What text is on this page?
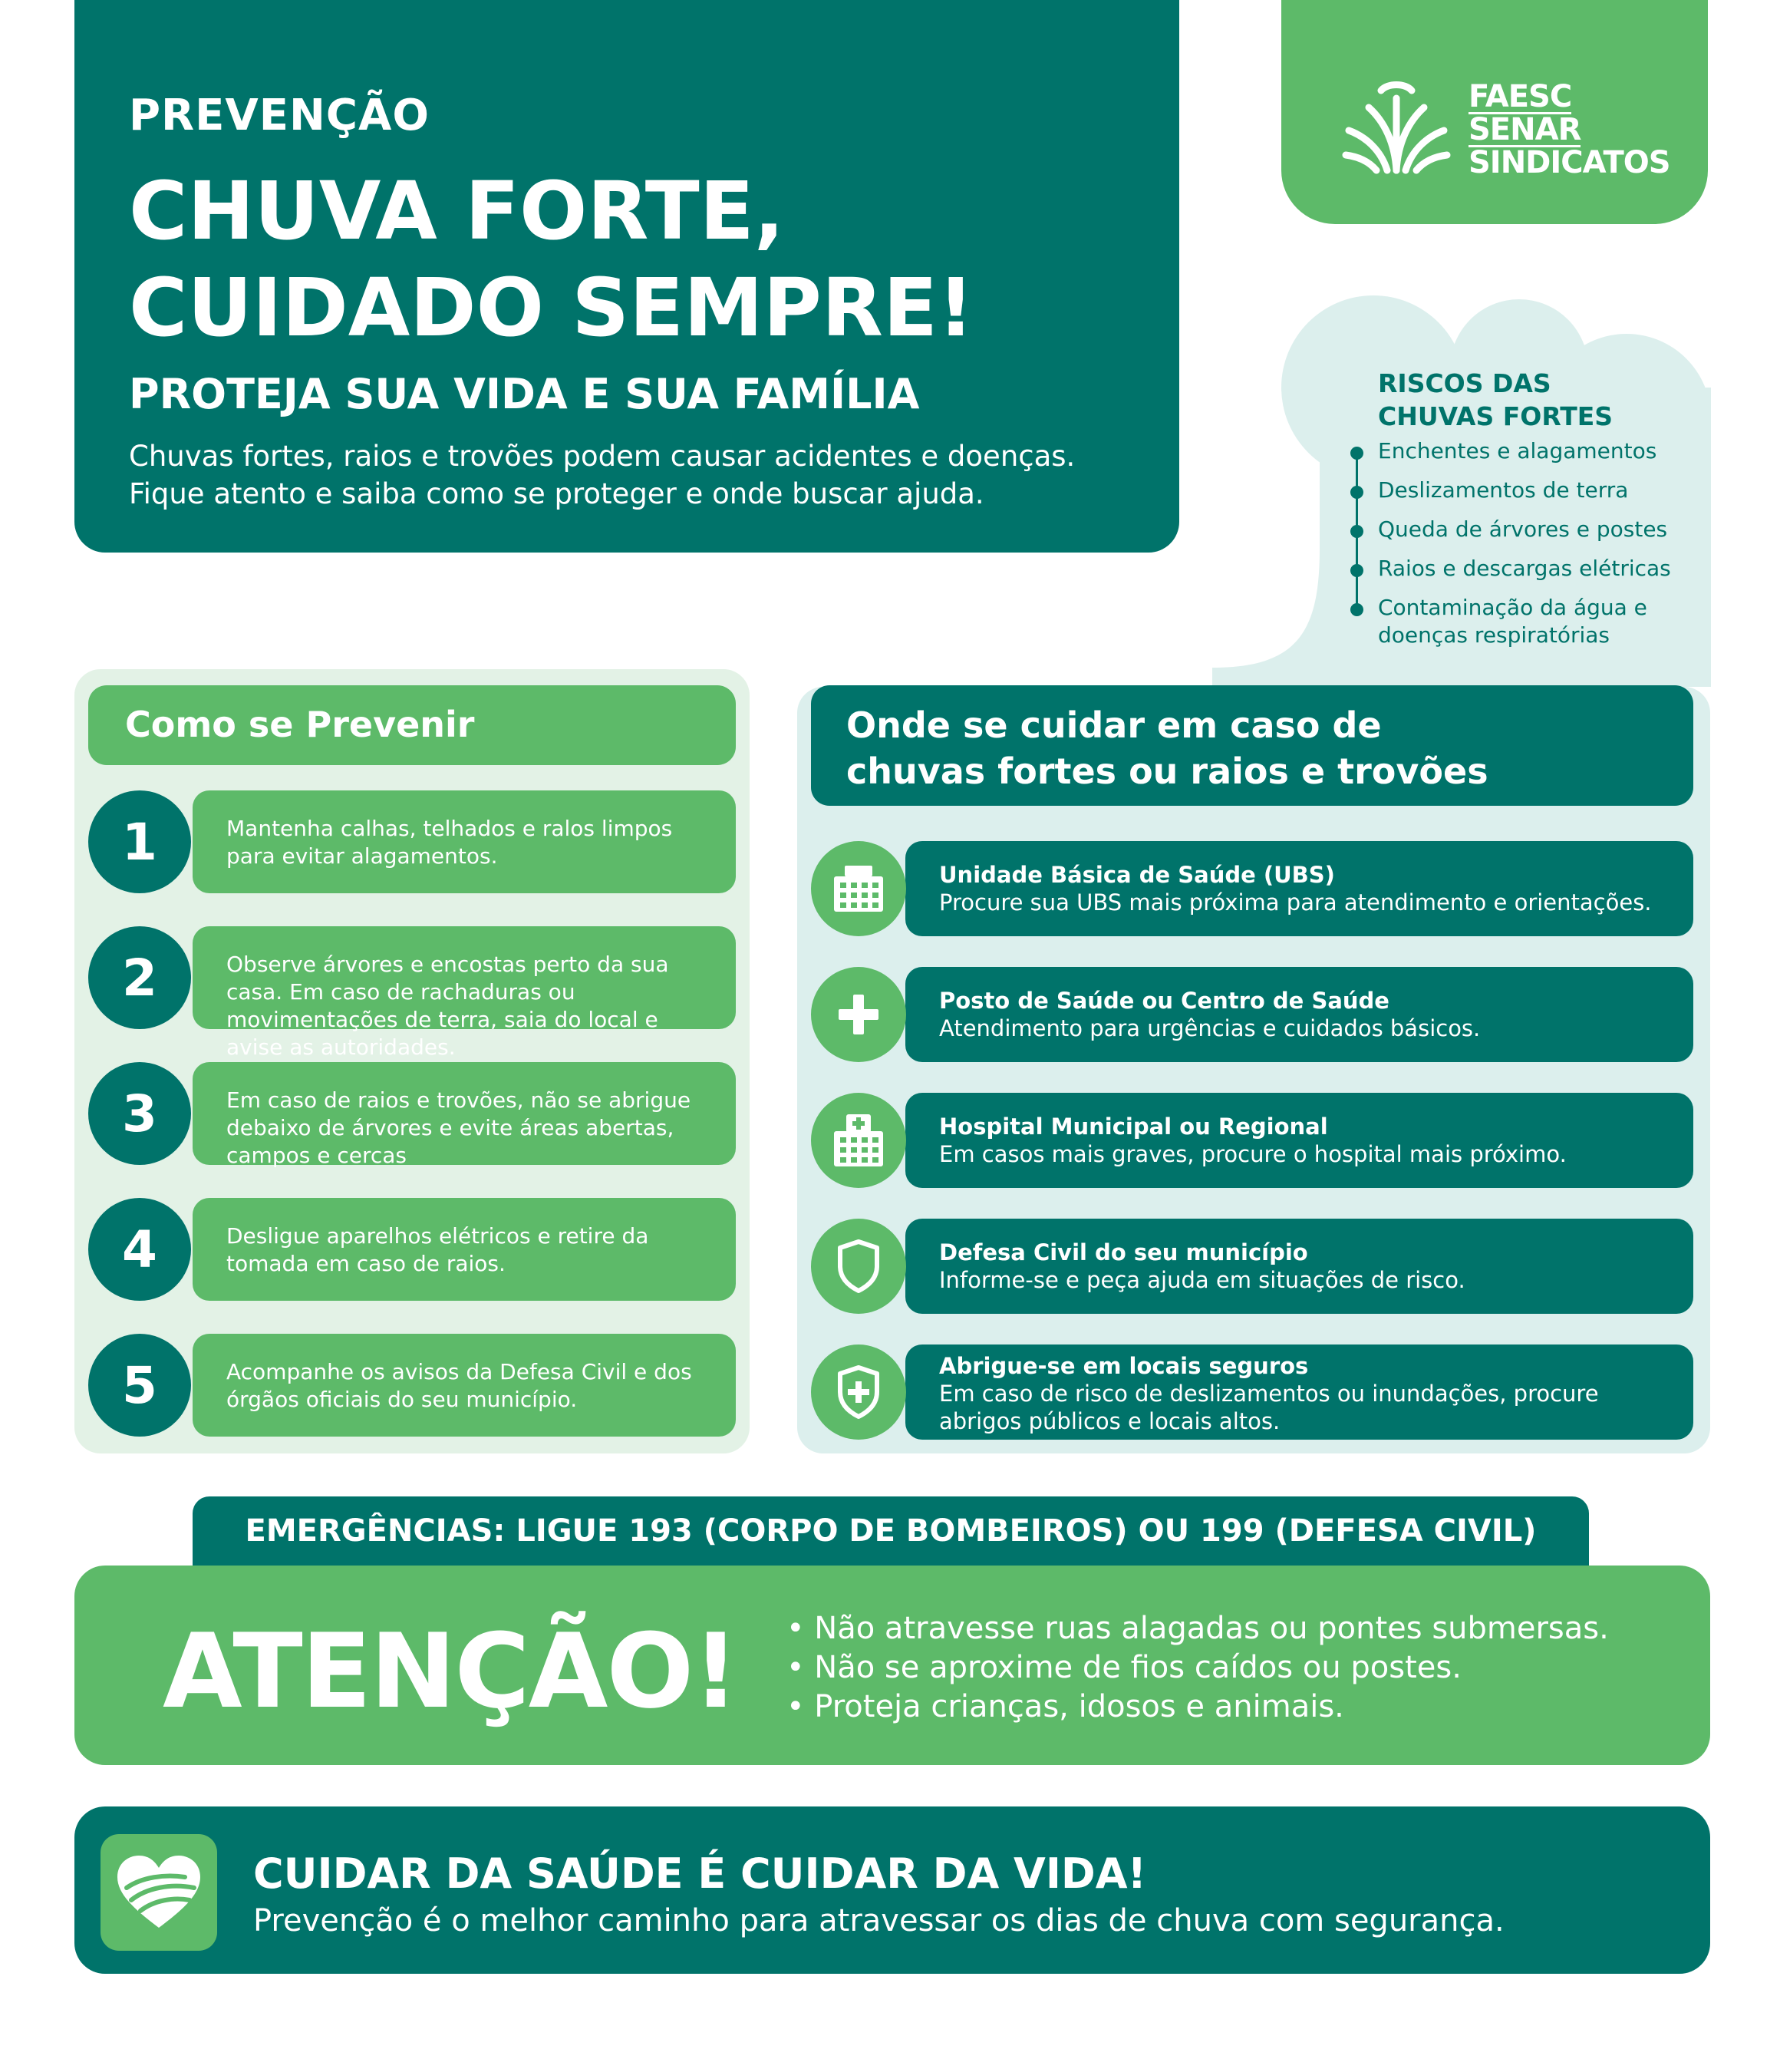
PREVENÇÃO
CHUVA FORTE,
CUIDADO SEMPRE!
PROTEJA SUA VIDA E SUA FAMÍLIA
Chuvas fortes, raios e trovões podem causar acidentes e doenças.
Fique atento e saiba como se proteger e onde buscar ajuda.
FAESC
SENAR
SINDICATOS
RISCOS DAS
CHUVAS FORTES
Enchentes e alagamentos
Deslizamentos de terra
Queda de árvores e postes
Raios e descargas elétricas
Contaminação da água e doenças respiratórias
Como se Prevenir	Onde se cuidar em caso de
chuvas fortes ou raios e trovões
Mantenha calhas, telhados e ralos limpos para evitar alagamentos.
1
Observe árvores e encostas perto da sua casa. Em caso de rachaduras ou movimentações de terra, saia do local e avise as autoridades.
2
Em caso de raios e trovões, não se abrigue debaixo de árvores e evite áreas abertas, campos e cercas
3
Desligue aparelhos elétricos e retire da tomada em caso de raios.
4
Acompanhe os avisos da Defesa Civil e dos órgãos oficiais do seu município.
5
Unidade Básica de Saúde (UBS)
Procure sua UBS mais próxima para atendimento e orientações.
Posto de Saúde ou Centro de Saúde
Atendimento para urgências e cuidados básicos.
Hospital Municipal ou Regional
Em casos mais graves, procure o hospital mais próximo.
Defesa Civil do seu município
Informe-se e peça ajuda em situações de risco.
Abrigue-se em locais seguros
Em caso de risco de deslizamentos ou inundações, procure abrigos públicos e locais altos.
EMERGÊNCIAS: LIGUE 193 (CORPO DE BOMBEIROS) OU 199 (DEFESA CIVIL)
ATENÇÃO! • Não atravesse ruas alagadas ou pontes submersas.
• Não se aproxime de fios caídos ou postes.
• Proteja crianças, idosos e animais.
CUIDAR DA SAÚDE É CUIDAR DA VIDA!
Prevenção é o melhor caminho para atravessar os dias de chuva com segurança.
